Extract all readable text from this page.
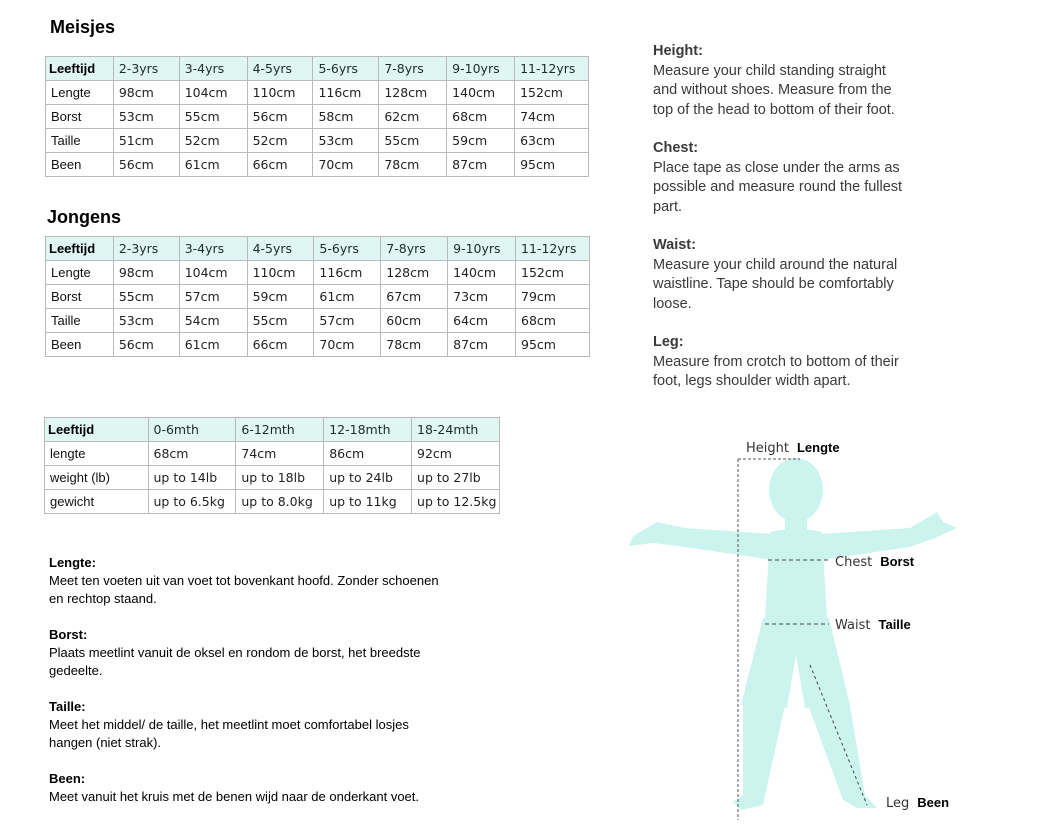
Meisjes
Leeftijd	2-3yrs	3-4yrs	4-5yrs	5-6yrs	7-8yrs	9-10yrs	11-12yrs
Lengte	98cm	104cm	110cm	116cm	128cm	140cm	152cm
Borst	53cm	55cm	56cm	58cm	62cm	68cm	74cm
Taille	51cm	52cm	52cm	53cm	55cm	59cm	63cm
Been	56cm	61cm	66cm	70cm	78cm	87cm	95cm
Jongens
Leeftijd	2-3yrs	3-4yrs	4-5yrs	5-6yrs	7-8yrs	9-10yrs	11-12yrs
Lengte	98cm	104cm	110cm	116cm	128cm	140cm	152cm
Borst	55cm	57cm	59cm	61cm	67cm	73cm	79cm
Taille	53cm	54cm	55cm	57cm	60cm	64cm	68cm
Been	56cm	61cm	66cm	70cm	78cm	87cm	95cm
Leeftijd	0-6mth	6-12mth	12-18mth	18-24mth
lengte	68cm	74cm	86cm	92cm
weight (lb)	up to 14lb	up to 18lb	up to 24lb	up to 27lb
gewicht	up to 6.5kg	up to 8.0kg	up to 11kg	up to 12.5kg

Lengte:
Meet ten voeten uit van voet tot bovenkant hoofd. Zonder schoenen
en rechtop staand.

Borst:
Plaats meetlint vanuit de oksel en rondom de borst, het breedste
gedeelte.

Taille:
Meet het middel/ de taille, het meetlint moet comfortabel losjes
hangen (niet strak).

Been:
Meet vanuit het kruis met de benen wijd naar de onderkant voet.

Height:
Measure your child standing straight
and without shoes. Measure from the
top of the head to bottom of their foot.

Chest:
Place tape as close under the arms as
possible and measure round the fullest
part.

Waist:
Measure your child around the natural
waistline. Tape should be comfortably
loose.

Leg:
Measure from crotch to bottom of their
foot, legs shoulder width apart.

Height Lengte
Chest Borst
Waist Taille
Leg Been
